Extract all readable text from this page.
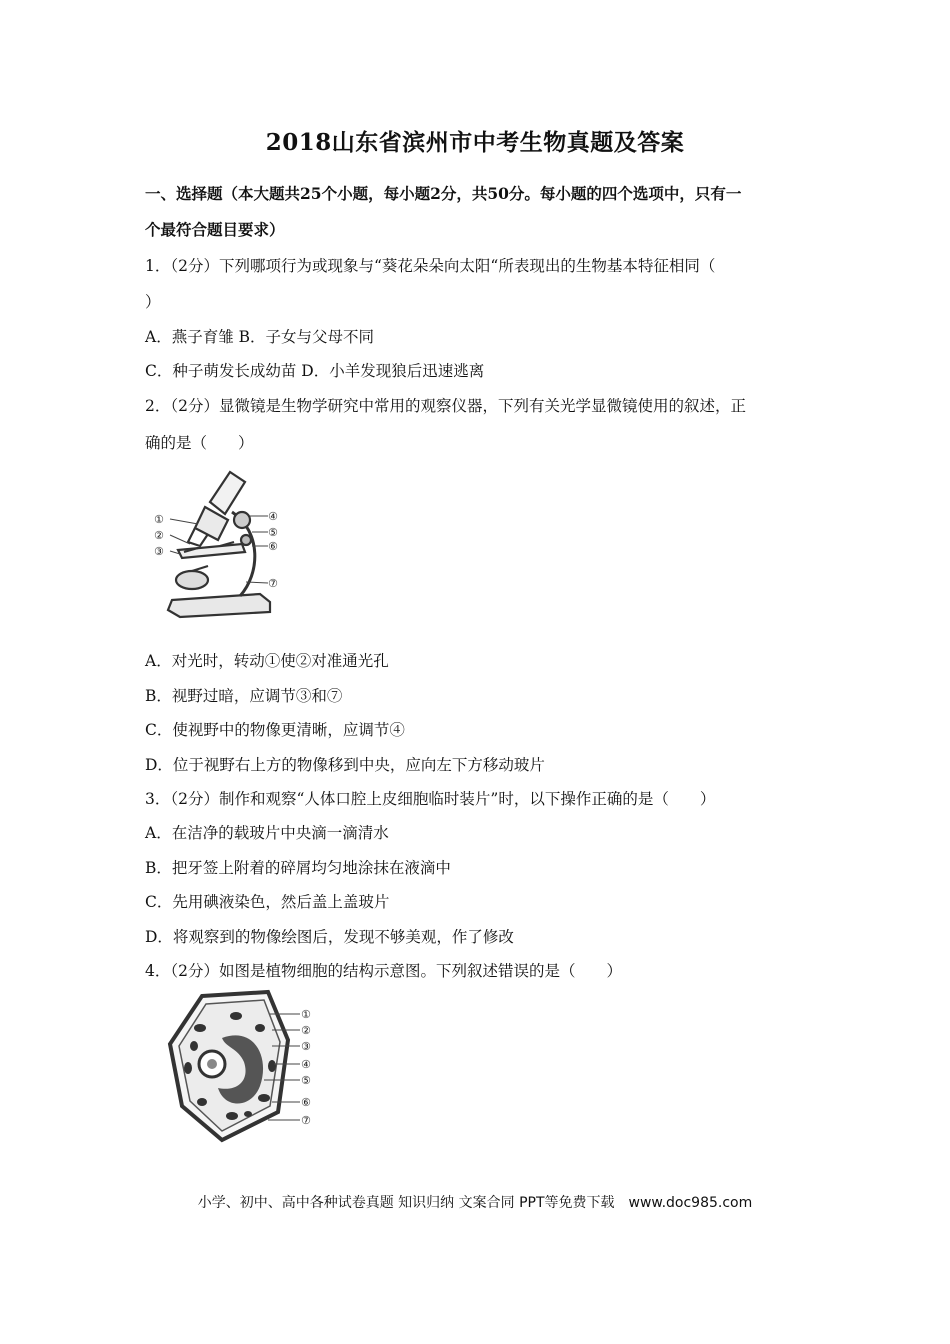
2018山东省滨州市中考生物真题及答案
一、选择题（本大题共25个小题，每小题2分，共50分。每小题的四个选项中，只有一
个最符合题目要求）
1．（2分）下列哪项行为或现象与“葵花朵朵向太阳“所表现出的生物基本特征相同（
）
A．燕子育雏 B．子女与父母不同
C．种子萌发长成幼苗 D．小羊发现狼后迅速逃离
2．（2分）显微镜是生物学研究中常用的观察仪器，下列有关光学显微镜使用的叙述，正
确的是（　　）
①
②
③
④
⑤
⑥
⑦
A．对光时，转动①使②对准通光孔
B．视野过暗，应调节③和⑦
C．使视野中的物像更清晰，应调节④
D．位于视野右上方的物像移到中央，应向左下方移动玻片
3．（2分）制作和观察“人体口腔上皮细胞临时装片”时，以下操作正确的是（　　）
A．在洁净的载玻片中央滴一滴清水
B．把牙签上附着的碎屑均匀地涂抹在液滴中
C．先用碘液染色，然后盖上盖玻片
D．将观察到的物像绘图后，发现不够美观，作了修改
4．（2分）如图是植物细胞的结构示意图。下列叙述错误的是（　　）
①
②
③
④
⑤
⑥
⑦
小学、初中、高中各种试卷真题 知识归纳 文案合同 PPT等免费下载　www.doc985.com
